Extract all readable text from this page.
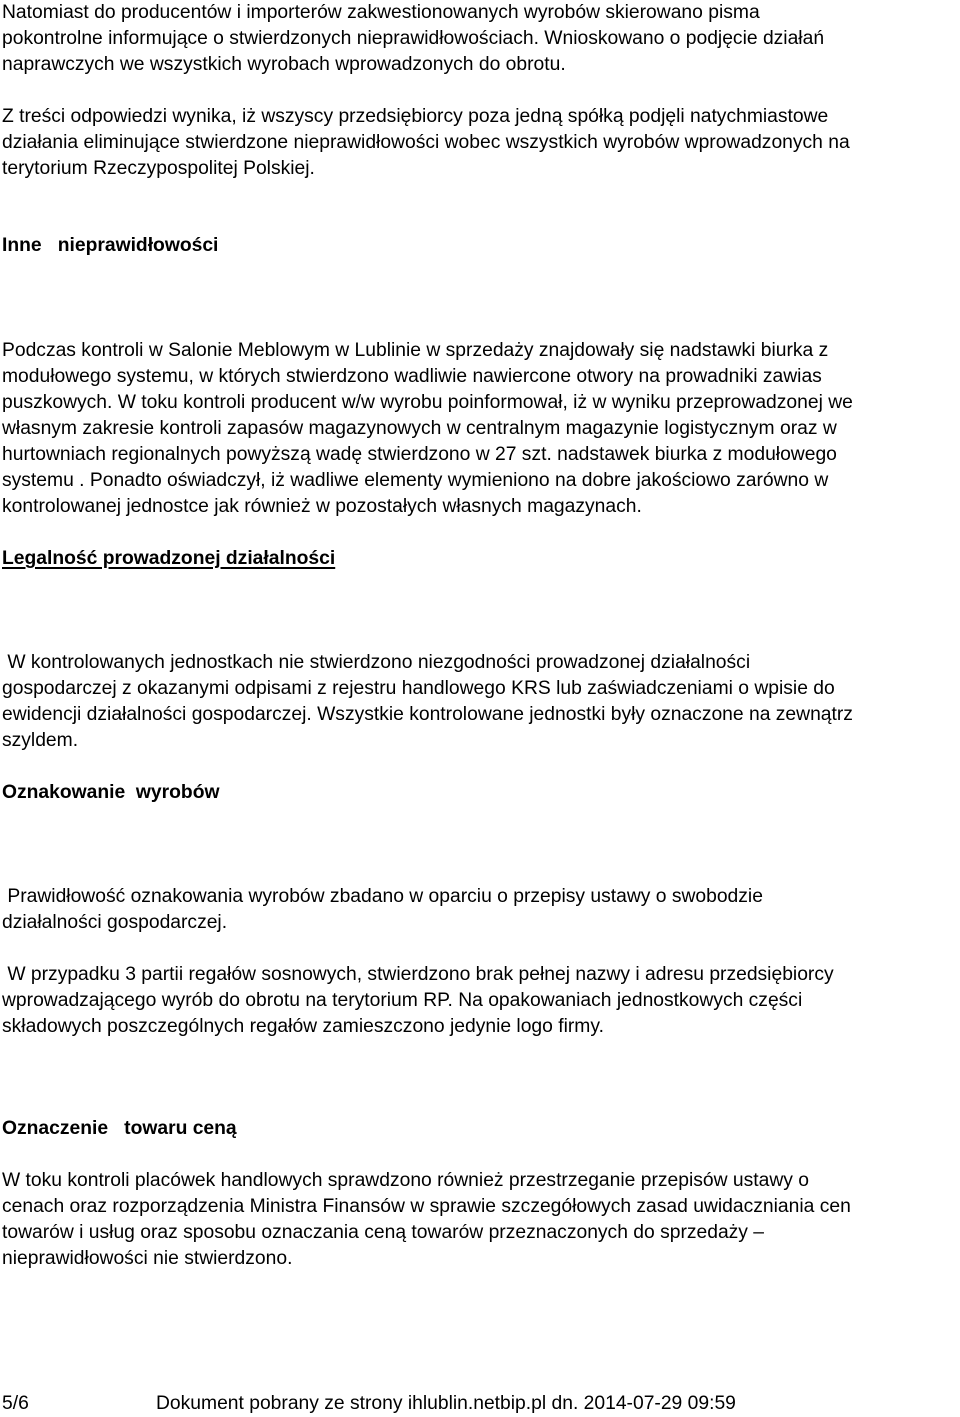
Natomiast do producentów i importerów zakwestionowanych wyrobów skierowano pisma
pokontrolne informujące o stwierdzonych nieprawidłowościach. Wnioskowano o podjęcie działań
naprawczych we wszystkich wyrobach wprowadzonych do obrotu.
Z treści odpowiedzi wynika, iż wszyscy przedsiębiorcy poza jedną spółką podjęli natychmiastowe
działania eliminujące stwierdzone nieprawidłowości wobec wszystkich wyrobów wprowadzonych na
terytorium Rzeczypospolitej Polskiej.
Inne   nieprawidłowości
Podczas kontroli w Salonie Meblowym w Lublinie w sprzedaży znajdowały się nadstawki biurka z
modułowego systemu, w których stwierdzono wadliwie nawiercone otwory na prowadniki zawias
puszkowych. W toku kontroli producent w/w wyrobu poinformował, iż w wyniku przeprowadzonej we
własnym zakresie kontroli zapasów magazynowych w centralnym magazynie logistycznym oraz w
hurtowniach regionalnych powyższą wadę stwierdzono w 27 szt. nadstawek biurka z modułowego
systemu . Ponadto oświadczył, iż wadliwe elementy wymieniono na dobre jakościowo zarówno w
kontrolowanej jednostce jak również w pozostałych własnych magazynach.
Legalność prowadzonej działalności
W kontrolowanych jednostkach nie stwierdzono niezgodności prowadzonej działalności
gospodarczej z okazanymi odpisami z rejestru handlowego KRS lub zaświadczeniami o wpisie do
ewidencji działalności gospodarczej. Wszystkie kontrolowane jednostki były oznaczone na zewnątrz
szyldem.
Oznakowanie  wyrobów
Prawidłowość oznakowania wyrobów zbadano w oparciu o przepisy ustawy o swobodzie
działalności gospodarczej.
W przypadku 3 partii regałów sosnowych, stwierdzono brak pełnej nazwy i adresu przedsiębiorcy
wprowadzającego wyrób do obrotu na terytorium RP. Na opakowaniach jednostkowych części
składowych poszczególnych regałów zamieszczono jedynie logo firmy.
Oznaczenie   towaru ceną
W toku kontroli placówek handlowych sprawdzono również przestrzeganie przepisów ustawy o
cenach oraz rozporządzenia Ministra Finansów w sprawie szczegółowych zasad uwidaczniania cen
towarów i usług oraz sposobu oznaczania ceną towarów przeznaczonych do sprzedaży –
nieprawidłowości nie stwierdzono.
5/6	Dokument pobrany ze strony ihlublin.netbip.pl dn. 2014-07-29 09:59
